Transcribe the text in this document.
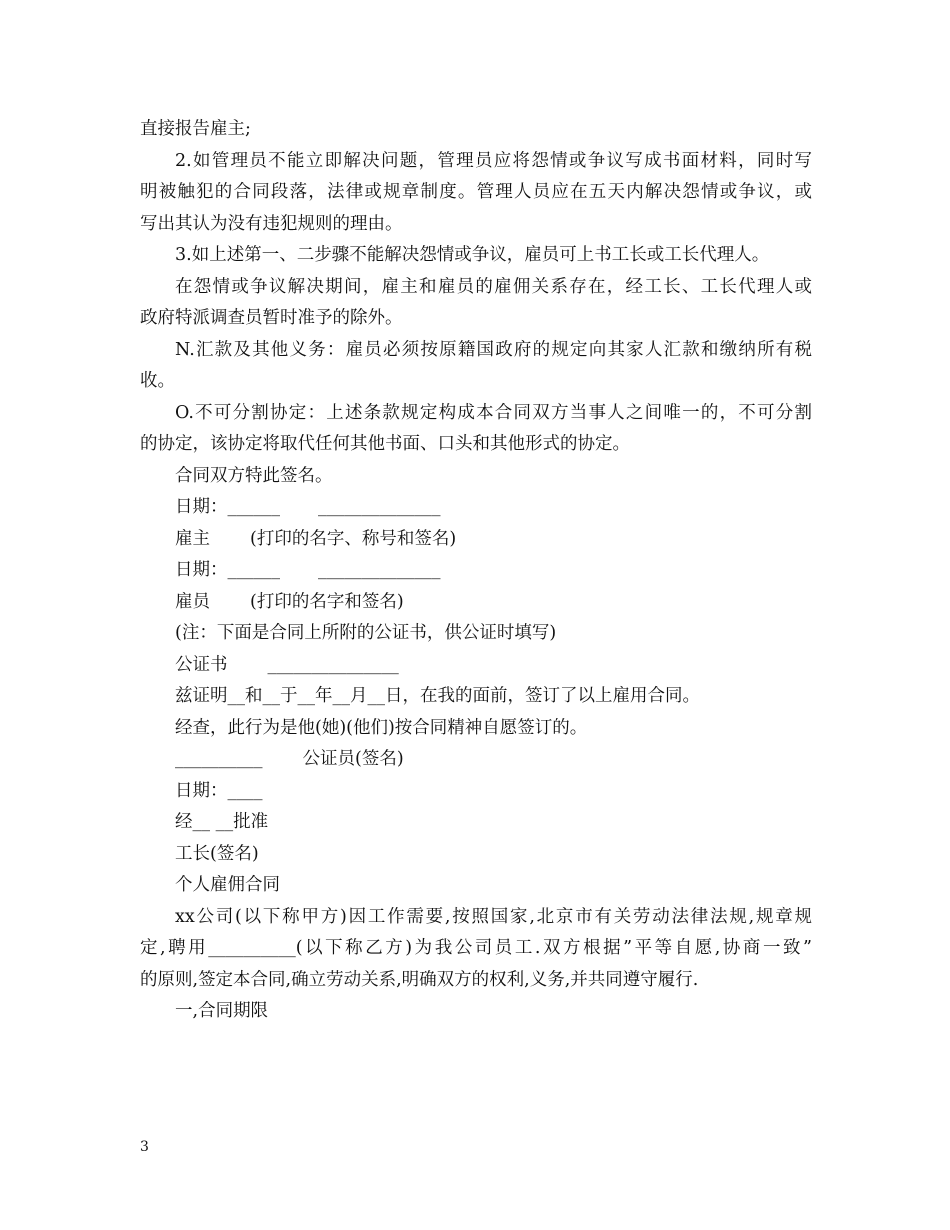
直接报告雇主;
2.如管理员不能立即解决问题，管理员应将怨情或争议写成书面材料，同时写
明被触犯的合同段落，法律或规章制度。管理人员应在五天内解决怨情或争议，或
写出其认为没有违犯规则的理由。
3.如上述第一、二步骤不能解决怨情或争议，雇员可上书工长或工长代理人。
在怨情或争议解决期间，雇主和雇员的雇佣关系存在，经工长、工长代理人或
政府特派调查员暂时准予的除外。
N.汇款及其他义务：雇员必须按原籍国政府的规定向其家人汇款和缴纳所有税
收。
O.不可分割协定：上述条款规定构成本合同双方当事人之间唯一的，不可分割
的协定，该协定将取代任何其他书面、口头和其他形式的协定。
合同双方特此签名。
日期：______ ______________
雇主 (打印的名字、称号和签名)
日期：______ ______________
雇员 (打印的名字和签名)
(注：下面是合同上所附的公证书，供公证时填写)
公证书 _______________
兹证明__和__于__年__月__日，在我的面前，签订了以上雇用合同。
经查，此行为是他(她)(他们)按合同精神自愿签订的。
__________ 公证员(签名)
日期：____
经__ __批准
工长(签名)
个人雇佣合同
xx公司(以下称甲方)因工作需要,按照国家,北京市有关劳动法律法规,规章规
定,聘用__________(以下称乙方)为我公司员工.双方根据”平等自愿,协商一致”
的原则,签定本合同,确立劳动关系,明确双方的权利,义务,并共同遵守履行.
一,合同期限
3
